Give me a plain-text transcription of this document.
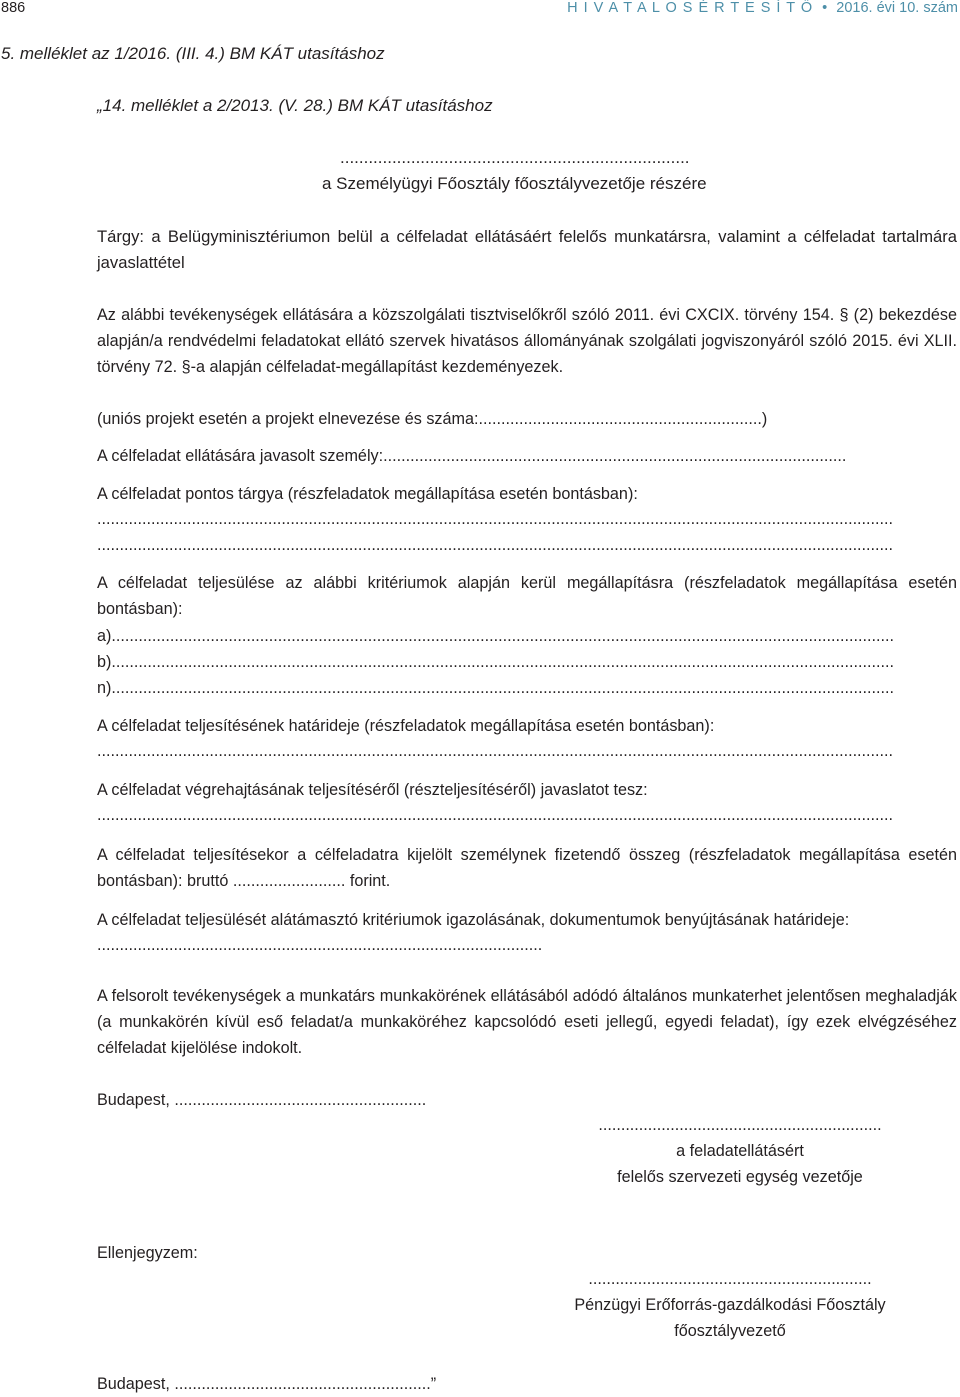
886	H I V A T A L O S É R T E S Í T Ő • 2016. évi 10. szám
5. melléklet az 1/2016. (III. 4.) BM KÁT utasításhoz
„14. melléklet a 2/2013. (V. 28.) BM KÁT utasításhoz
..........................................................................
a Személyügyi Főosztály főosztályvezetője részére
Tárgy: a Belügyminisztériumon belül a célfeladat ellátásáért felelős munkatársra, valamint a célfeladat tartalmára javaslattétel
Az alábbi tevékenységek ellátására a közszolgálati tisztviselőkről szóló 2011. évi CXCIX. törvény 154. § (2) bekezdése alapján/a rendvédelmi feladatokat ellátó szervek hivatásos állományának szolgálati jogviszonyáról szóló 2015. évi XLII. törvény 72. §-a alapján célfeladat-megállapítást kezdeményezek.
(uniós projekt esetén a projekt elnevezése és száma:...............................................................)
A célfeladat ellátására javasolt személy:.......................................................................................................
A célfeladat pontos tárgya (részfeladatok megállapítása esetén bontásban):
.................................................................................................................................................................................
.................................................................................................................................................................................
A célfeladat teljesülése az alábbi kritériumok alapján kerül megállapításra (részfeladatok megállapítása esetén bontásban):
a)..............................................................................................................................................................................
b)..............................................................................................................................................................................
n)..............................................................................................................................................................................
A célfeladat teljesítésének határideje (részfeladatok megállapítása esetén bontásban):
.................................................................................................................................................................................
A célfeladat végrehajtásának teljesítéséről (részteljesítéséről) javaslatot tesz:
.................................................................................................................................................................................
A célfeladat teljesítésekor a célfeladatra kijelölt személynek fizetendő összeg (részfeladatok megállapítása esetén bontásban): bruttó ......................... forint.
A célfeladat teljesülését alátámasztó kritériumok igazolásának, dokumentumok benyújtásának határideje:
...................................................................................................
A felsorolt tevékenységek a munkatárs munkakörének ellátásából adódó általános munkaterhet jelentősen meghaladják (a munkakörén kívül eső feladat/a munkaköréhez kapcsolódó eseti jellegű, egyedi feladat), így ezek elvégzéséhez célfeladat kijelölése indokolt.
Budapest, ........................................................
...............................................................
a feladatellátásért
felelős szervezeti egység vezetője
Ellenjegyzem:
...............................................................
Pénzügyi Erőforrás-gazdálkodási Főosztály
főosztályvezető
Budapest, .........................................................”
